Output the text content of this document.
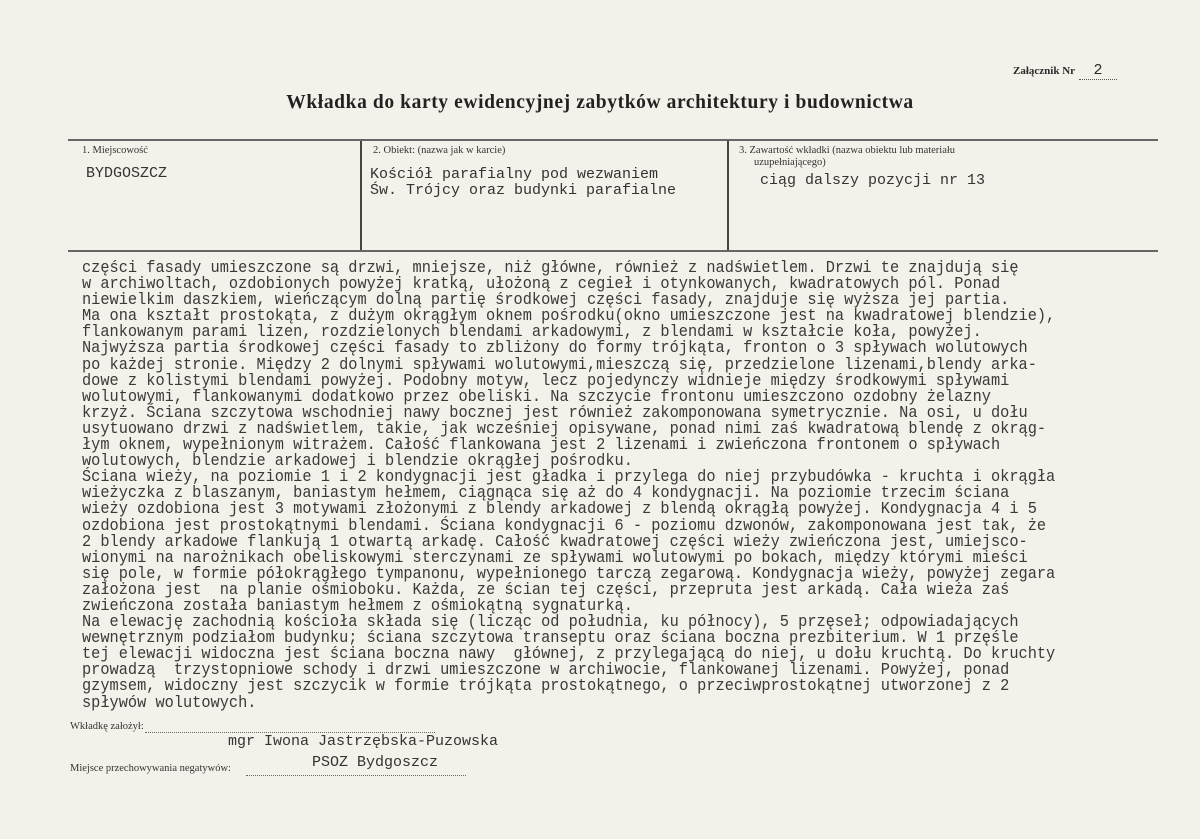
Załącznik Nr 2
Wkładka do karty ewidencyjnej zabytków architektury i budownictwa
1. Miejscowość
BYDGOSZCZ
2. Obiekt: (nazwa jak w karcie)
Kościół parafialny pod wezwaniem
Św. Trójcy oraz budynki parafialne
3. Zawartość wkładki (nazwa obiektu lub materiału
uzupełniającego)
ciąg dalszy pozycji nr 13
części fasady umieszczone są drzwi, mniejsze, niż główne, również z nadświetlem. Drzwi te znajdują się
w archiwoltach, ozdobionych powyżej kratką, ułożoną z cegieł i otynkowanych, kwadratowych pól. Ponad
niewielkim daszkiem, wieńczącym dolną partię środkowej części fasady, znajduje się wyższa jej partia.
Ma ona kształt prostokąta, z dużym okrągłym oknem pośrodku(okno umieszczone jest na kwadratowej blendzie),
flankowanym parami lizen, rozdzielonych blendami arkadowymi, z blendami w kształcie koła, powyżej.
Najwyższa partia środkowej części fasady to zbliżony do formy trójkąta, fronton o 3 spływach wolutowych
po każdej stronie. Między 2 dolnymi spływami wolutowymi,mieszczą się, przedzielone lizenami,blendy arka-
dowe z kolistymi blendami powyżej. Podobny motyw, lecz pojedynczy widnieje między środkowymi spływami
wolutowymi, flankowanymi dodatkowo przez obeliski. Na szczycie frontonu umieszczono ozdobny żelazny
krzyż. Ściana szczytowa wschodniej nawy bocznej jest również zakomponowana symetrycznie. Na osi, u dołu
usytuowano drzwi z nadświetlem, takie, jak wcześniej opisywane, ponad nimi zaś kwadratową blendę z okrąg-
łym oknem, wypełnionym witrażem. Całość flankowana jest 2 lizenami i zwieńczona frontonem o spływach
wolutowych, blendzie arkadowej i blendzie okrągłej pośrodku.
Ściana wieży, na poziomie 1 i 2 kondygnacji jest gładka i przylega do niej przybudówka - kruchta i okrągła
wieżyczka z blaszanym, baniastym hełmem, ciągnąca się aż do 4 kondygnacji. Na poziomie trzecim ściana
wieży ozdobiona jest 3 motywami złożonymi z blendy arkadowej z blendą okrągłą powyżej. Kondygnacja 4 i 5
ozdobiona jest prostokątnymi blendami. Ściana kondygnacji 6 - poziomu dzwonów, zakomponowana jest tak, że
2 blendy arkadowe flankują 1 otwartą arkadę. Całość kwadratowej części wieży zwieńczona jest, umiejsco-
wionymi na narożnikach obeliskowymi sterczynami ze spływami wolutowymi po bokach, między którymi mieści
się pole, w formie półokrągłego tympanonu, wypełnionego tarczą zegarową. Kondygnacja wieży, powyżej zegara
założona jest  na planie ośmioboku. Każda, ze ścian tej części, przepruta jest arkadą. Cała wieża zaś
zwieńczona została baniastym hełmem z ośmiokątną sygnaturką.
Na elewację zachodnią kościoła składa się (licząc od południa, ku północy), 5 przęseł; odpowiadających
wewnętrznym podziałom budynku; ściana szczytowa transeptu oraz ściana boczna prezbiterium. W 1 przęśle
tej elewacji widoczna jest ściana boczna nawy  głównej, z przylegającą do niej, u dołu kruchtą. Do kruchty
prowadzą  trzystopniowe schody i drzwi umieszczone w archiwocie, flankowanej lizenami. Powyżej, ponad
gzymsem, widoczny jest szczycik w formie trójkąta prostokątnego, o przeciwprostokątnej utworzonej z 2
spływów wolutowych.
Wkładkę założył:
mgr Iwona Jastrzębska-Puzowska
Miejsce przechowywania negatywów:	PSOZ Bydgoszcz
